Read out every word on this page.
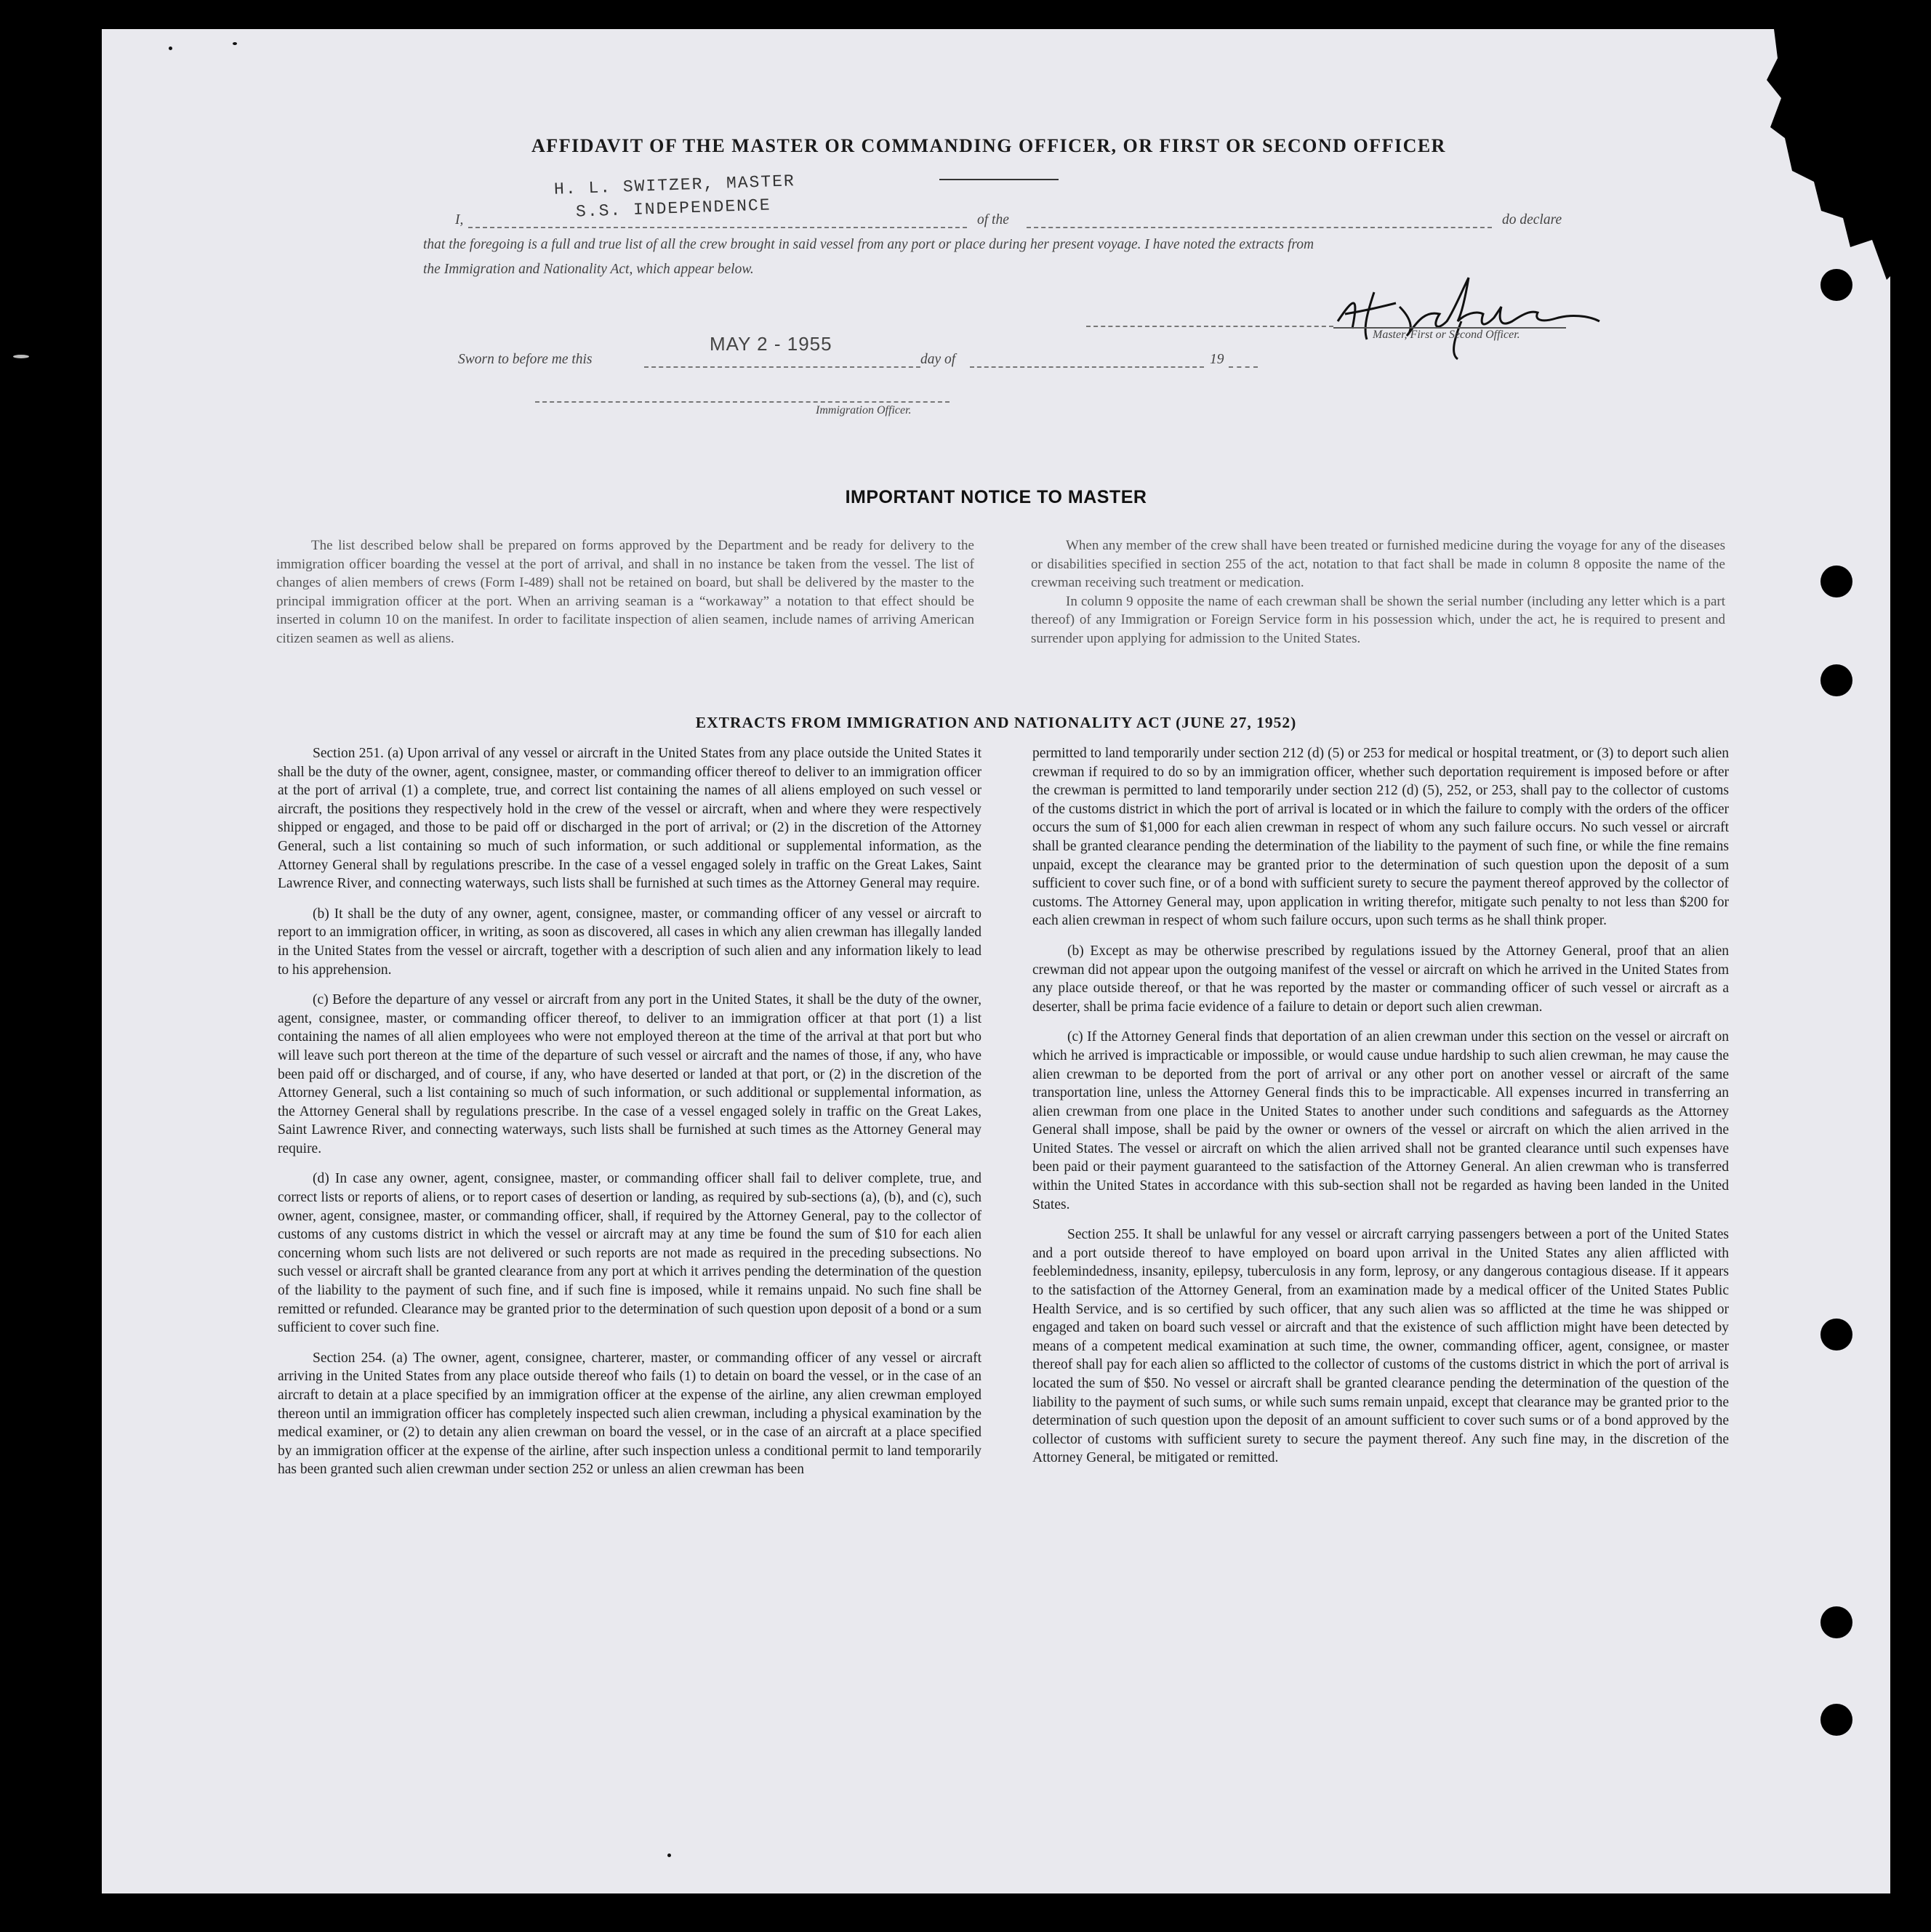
AFFIDAVIT OF THE MASTER OR COMMANDING OFFICER, OR FIRST OR SECOND OFFICER
I,
H. L. SWITZER, MASTER
S.S. INDEPENDENCE	of the	do declare
that the foregoing is a full and true list of all the crew brought in said vessel from any port or place during her present voyage. I have noted the extracts from
the Immigration and Nationality Act, which appear below.
Master, First or Second Officer.
Sworn to before me this
MAY 2 - 1955
day of	19
Immigration Officer.
IMPORTANT NOTICE TO MASTER

The list described below shall be prepared on forms approved by the Department and be ready for delivery to the immigration officer boarding the vessel at the port of arrival, and shall in no instance be taken from the vessel. The list of changes of alien members of crews (Form I-489) shall not be retained on board, but shall be delivered by the master to the principal immigration officer at the port. When an arriving seaman is a “workaway” a notation to that effect should be inserted in column 10 on the manifest. In order to facilitate inspection of alien seamen, include names of arriving American citizen seamen as well as aliens.

When any member of the crew shall have been treated or furnished medicine during the voyage for any of the diseases or disabilities specified in section 255 of the act, notation to that fact shall be made in column 8 opposite the name of the crewman receiving such treatment or medication.

In column 9 opposite the name of each crewman shall be shown the serial number (including any letter which is a part thereof) of any Immigration or Foreign Service form in his possession which, under the act, he is required to present and surrender upon applying for admission to the United States.

EXTRACTS FROM IMMIGRATION AND NATIONALITY ACT (JUNE 27, 1952)

Section 251. (a) Upon arrival of any vessel or aircraft in the United States from any place outside the United States it shall be the duty of the owner, agent, consignee, master, or commanding officer thereof to deliver to an immigration officer at the port of arrival (1) a complete, true, and correct list containing the names of all aliens employed on such vessel or aircraft, the positions they respectively hold in the crew of the vessel or aircraft, when and where they were respectively shipped or engaged, and those to be paid off or discharged in the port of arrival; or (2) in the discretion of the Attorney General, such a list containing so much of such information, or such additional or supplemental information, as the Attorney General shall by regulations prescribe. In the case of a vessel engaged solely in traffic on the Great Lakes, Saint Lawrence River, and connecting waterways, such lists shall be furnished at such times as the Attorney General may require.

(b) It shall be the duty of any owner, agent, consignee, master, or commanding officer of any vessel or aircraft to report to an immigration officer, in writing, as soon as discovered, all cases in which any alien crewman has illegally landed in the United States from the vessel or aircraft, together with a description of such alien and any information likely to lead to his apprehension.

(c) Before the departure of any vessel or aircraft from any port in the United States, it shall be the duty of the owner, agent, consignee, master, or commanding officer thereof, to deliver to an immigration officer at that port (1) a list containing the names of all alien employees who were not employed thereon at the time of the arrival at that port but who will leave such port thereon at the time of the departure of such vessel or aircraft and the names of those, if any, who have been paid off or discharged, and of course, if any, who have deserted or landed at that port, or (2) in the discretion of the Attorney General, such a list containing so much of such information, or such additional or supplemental information, as the Attorney General shall by regulations prescribe. In the case of a vessel engaged solely in traffic on the Great Lakes, Saint Lawrence River, and connecting waterways, such lists shall be furnished at such times as the Attorney General may require.

(d) In case any owner, agent, consignee, master, or commanding officer shall fail to deliver complete, true, and correct lists or reports of aliens, or to report cases of desertion or landing, as required by sub-sections (a), (b), and (c), such owner, agent, consignee, master, or commanding officer, shall, if required by the Attorney General, pay to the collector of customs of any customs district in which the vessel or aircraft may at any time be found the sum of $10 for each alien concerning whom such lists are not delivered or such reports are not made as required in the preceding subsections. No such vessel or aircraft shall be granted clearance from any port at which it arrives pending the determination of the question of the liability to the payment of such fine, and if such fine is imposed, while it remains unpaid. No such fine shall be remitted or refunded. Clearance may be granted prior to the determination of such question upon deposit of a bond or a sum sufficient to cover such fine.

Section 254. (a) The owner, agent, consignee, charterer, master, or commanding officer of any vessel or aircraft arriving in the United States from any place outside thereof who fails (1) to detain on board the vessel, or in the case of an aircraft to detain at a place specified by an immigration officer at the expense of the airline, any alien crewman employed thereon until an immigration officer has completely inspected such alien crewman, including a physical examination by the medical examiner, or (2) to detain any alien crewman on board the vessel, or in the case of an aircraft at a place specified by an immigration officer at the expense of the airline, after such inspection unless a conditional permit to land temporarily has been granted such alien crewman under section 252 or unless an alien crewman has been

permitted to land temporarily under section 212 (d) (5) or 253 for medical or hospital treatment, or (3) to deport such alien crewman if required to do so by an immigration officer, whether such deportation requirement is imposed before or after the crewman is permitted to land temporarily under section 212 (d) (5), 252, or 253, shall pay to the collector of customs of the customs district in which the port of arrival is located or in which the failure to comply with the orders of the officer occurs the sum of $1,000 for each alien crewman in respect of whom any such failure occurs. No such vessel or aircraft shall be granted clearance pending the determination of the liability to the payment of such fine, or while the fine remains unpaid, except the clearance may be granted prior to the determination of such question upon the deposit of a sum sufficient to cover such fine, or of a bond with sufficient surety to secure the payment thereof approved by the collector of customs. The Attorney General may, upon application in writing therefor, mitigate such penalty to not less than $200 for each alien crewman in respect of whom such failure occurs, upon such terms as he shall think proper.

(b) Except as may be otherwise prescribed by regulations issued by the Attorney General, proof that an alien crewman did not appear upon the outgoing manifest of the vessel or aircraft on which he arrived in the United States from any place outside thereof, or that he was reported by the master or commanding officer of such vessel or aircraft as a deserter, shall be prima facie evidence of a failure to detain or deport such alien crewman.

(c) If the Attorney General finds that deportation of an alien crewman under this section on the vessel or aircraft on which he arrived is impracticable or impossible, or would cause undue hardship to such alien crewman, he may cause the alien crewman to be deported from the port of arrival or any other port on another vessel or aircraft of the same transportation line, unless the Attorney General finds this to be impracticable. All expenses incurred in transferring an alien crewman from one place in the United States to another under such conditions and safeguards as the Attorney General shall impose, shall be paid by the owner or owners of the vessel or aircraft on which the alien arrived in the United States. The vessel or aircraft on which the alien arrived shall not be granted clearance until such expenses have been paid or their payment guaranteed to the satisfaction of the Attorney General. An alien crewman who is transferred within the United States in accordance with this sub-section shall not be regarded as having been landed in the United States.

Section 255. It shall be unlawful for any vessel or aircraft carrying passengers between a port of the United States and a port outside thereof to have employed on board upon arrival in the United States any alien afflicted with feeblemindedness, insanity, epilepsy, tuberculosis in any form, leprosy, or any dangerous contagious disease. If it appears to the satisfaction of the Attorney General, from an examination made by a medical officer of the United States Public Health Service, and is so certified by such officer, that any such alien was so afflicted at the time he was shipped or engaged and taken on board such vessel or aircraft and that the existence of such affliction might have been detected by means of a competent medical examination at such time, the owner, commanding officer, agent, consignee, or master thereof shall pay for each alien so afflicted to the collector of customs of the customs district in which the port of arrival is located the sum of $50. No vessel or aircraft shall be granted clearance pending the determination of the question of the liability to the payment of such sums, or while such sums remain unpaid, except that clearance may be granted prior to the determination of such question upon the deposit of an amount sufficient to cover such sums or of a bond approved by the collector of customs with sufficient surety to secure the payment thereof. Any such fine may, in the discretion of the Attorney General, be mitigated or remitted.
